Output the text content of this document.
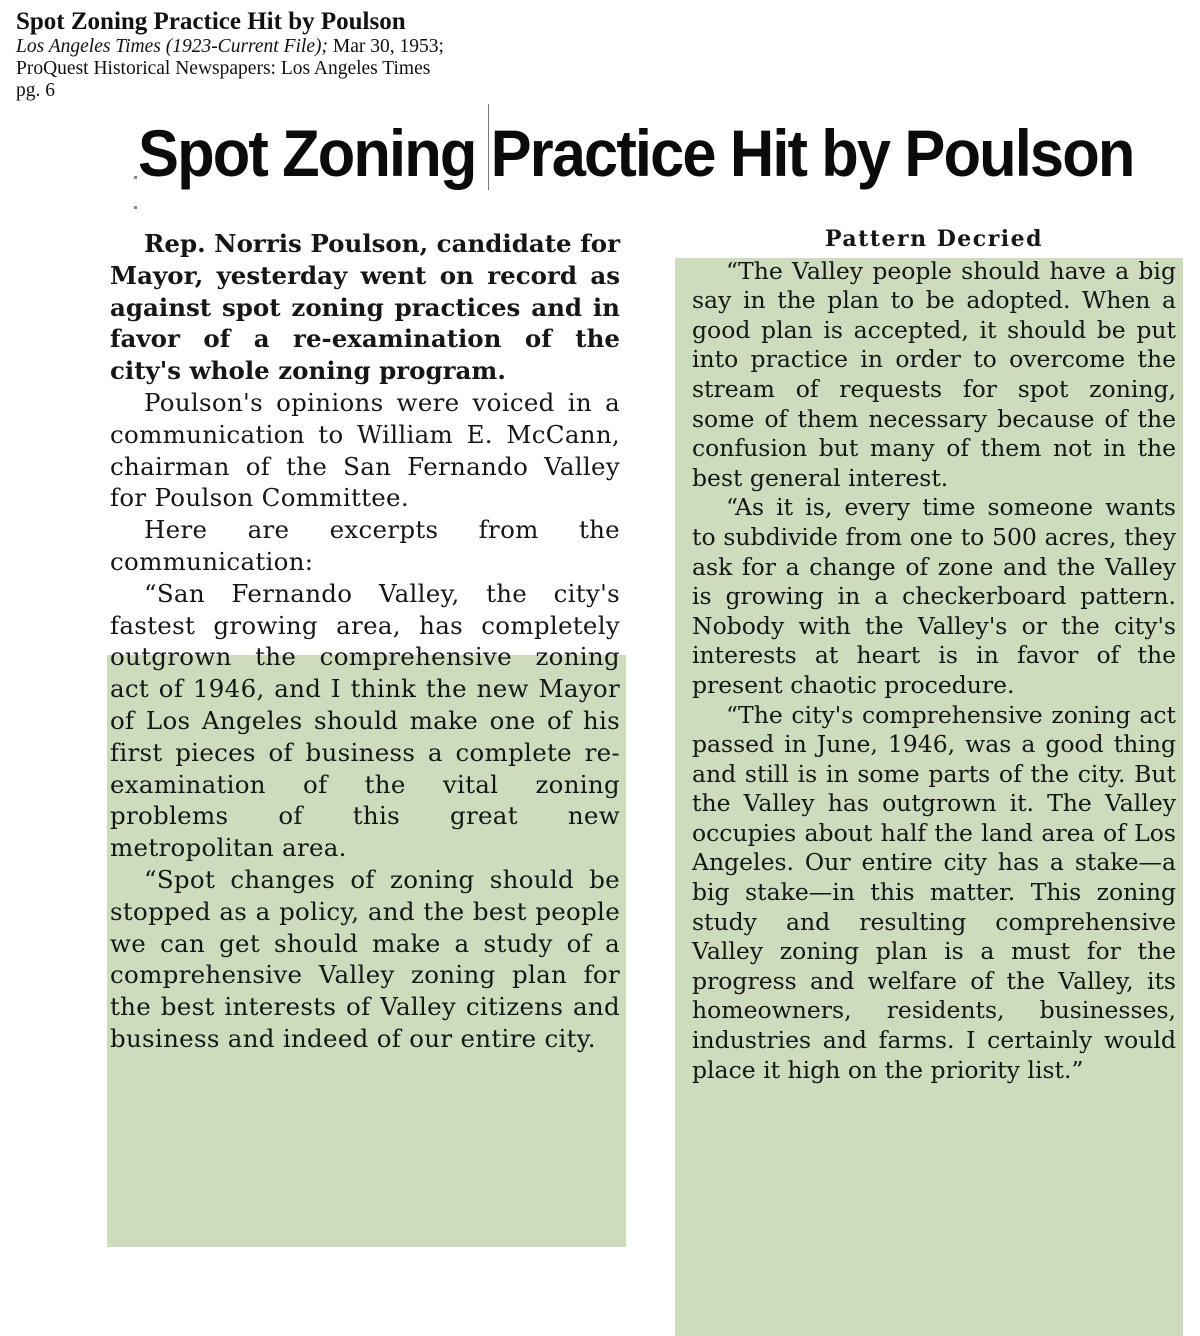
Spot Zoning Practice Hit by Poulson

Los Angeles Times (1923-Current File); Mar 30, 1953;

ProQuest Historical Newspapers: Los Angeles Times

pg. 6

Spot Zoning Practice Hit by Poulson

Rep. Norris Poulson, candidate for Mayor, yesterday went on record as against spot zoning practices and in favor of a re-examination of the city's whole zoning program.

Poulson's opinions were voiced in a communication to William E. McCann, chairman of the San Fernando Valley for Poulson Committee.

Here are excerpts from the communication:

“San Fernando Valley, the city's fastest growing area, has completely outgrown the comprehensive zoning act of 1946, and I think the new Mayor of Los Angeles should make one of his first pieces of business a complete re-examination of the vital zoning problems of this great new metropolitan area.

“Spot changes of zoning should be stopped as a policy, and the best people we can get should make a study of a comprehensive Valley zoning plan for the best interests of Valley citizens and business and indeed of our entire city.

Pattern Decried

“The Valley people should have a big say in the plan to be adopted. When a good plan is accepted, it should be put into practice in order to overcome the stream of requests for spot zoning, some of them necessary because of the confusion but many of them not in the best general interest.

“As it is, every time someone wants to subdivide from one to 500 acres, they ask for a change of zone and the Valley is growing in a checkerboard pattern. Nobody with the Valley's or the city's interests at heart is in favor of the present chaotic procedure.

“The city's comprehensive zoning act passed in June, 1946, was a good thing and still is in some parts of the city. But the Valley has outgrown it. The Valley occupies about half the land area of Los Angeles. Our entire city has a stake—a big stake—in this matter. This zoning study and resulting comprehensive Valley zoning plan is a must for the progress and welfare of the Valley, its homeowners, residents, businesses, industries and farms. I certainly would place it high on the priority list.”
